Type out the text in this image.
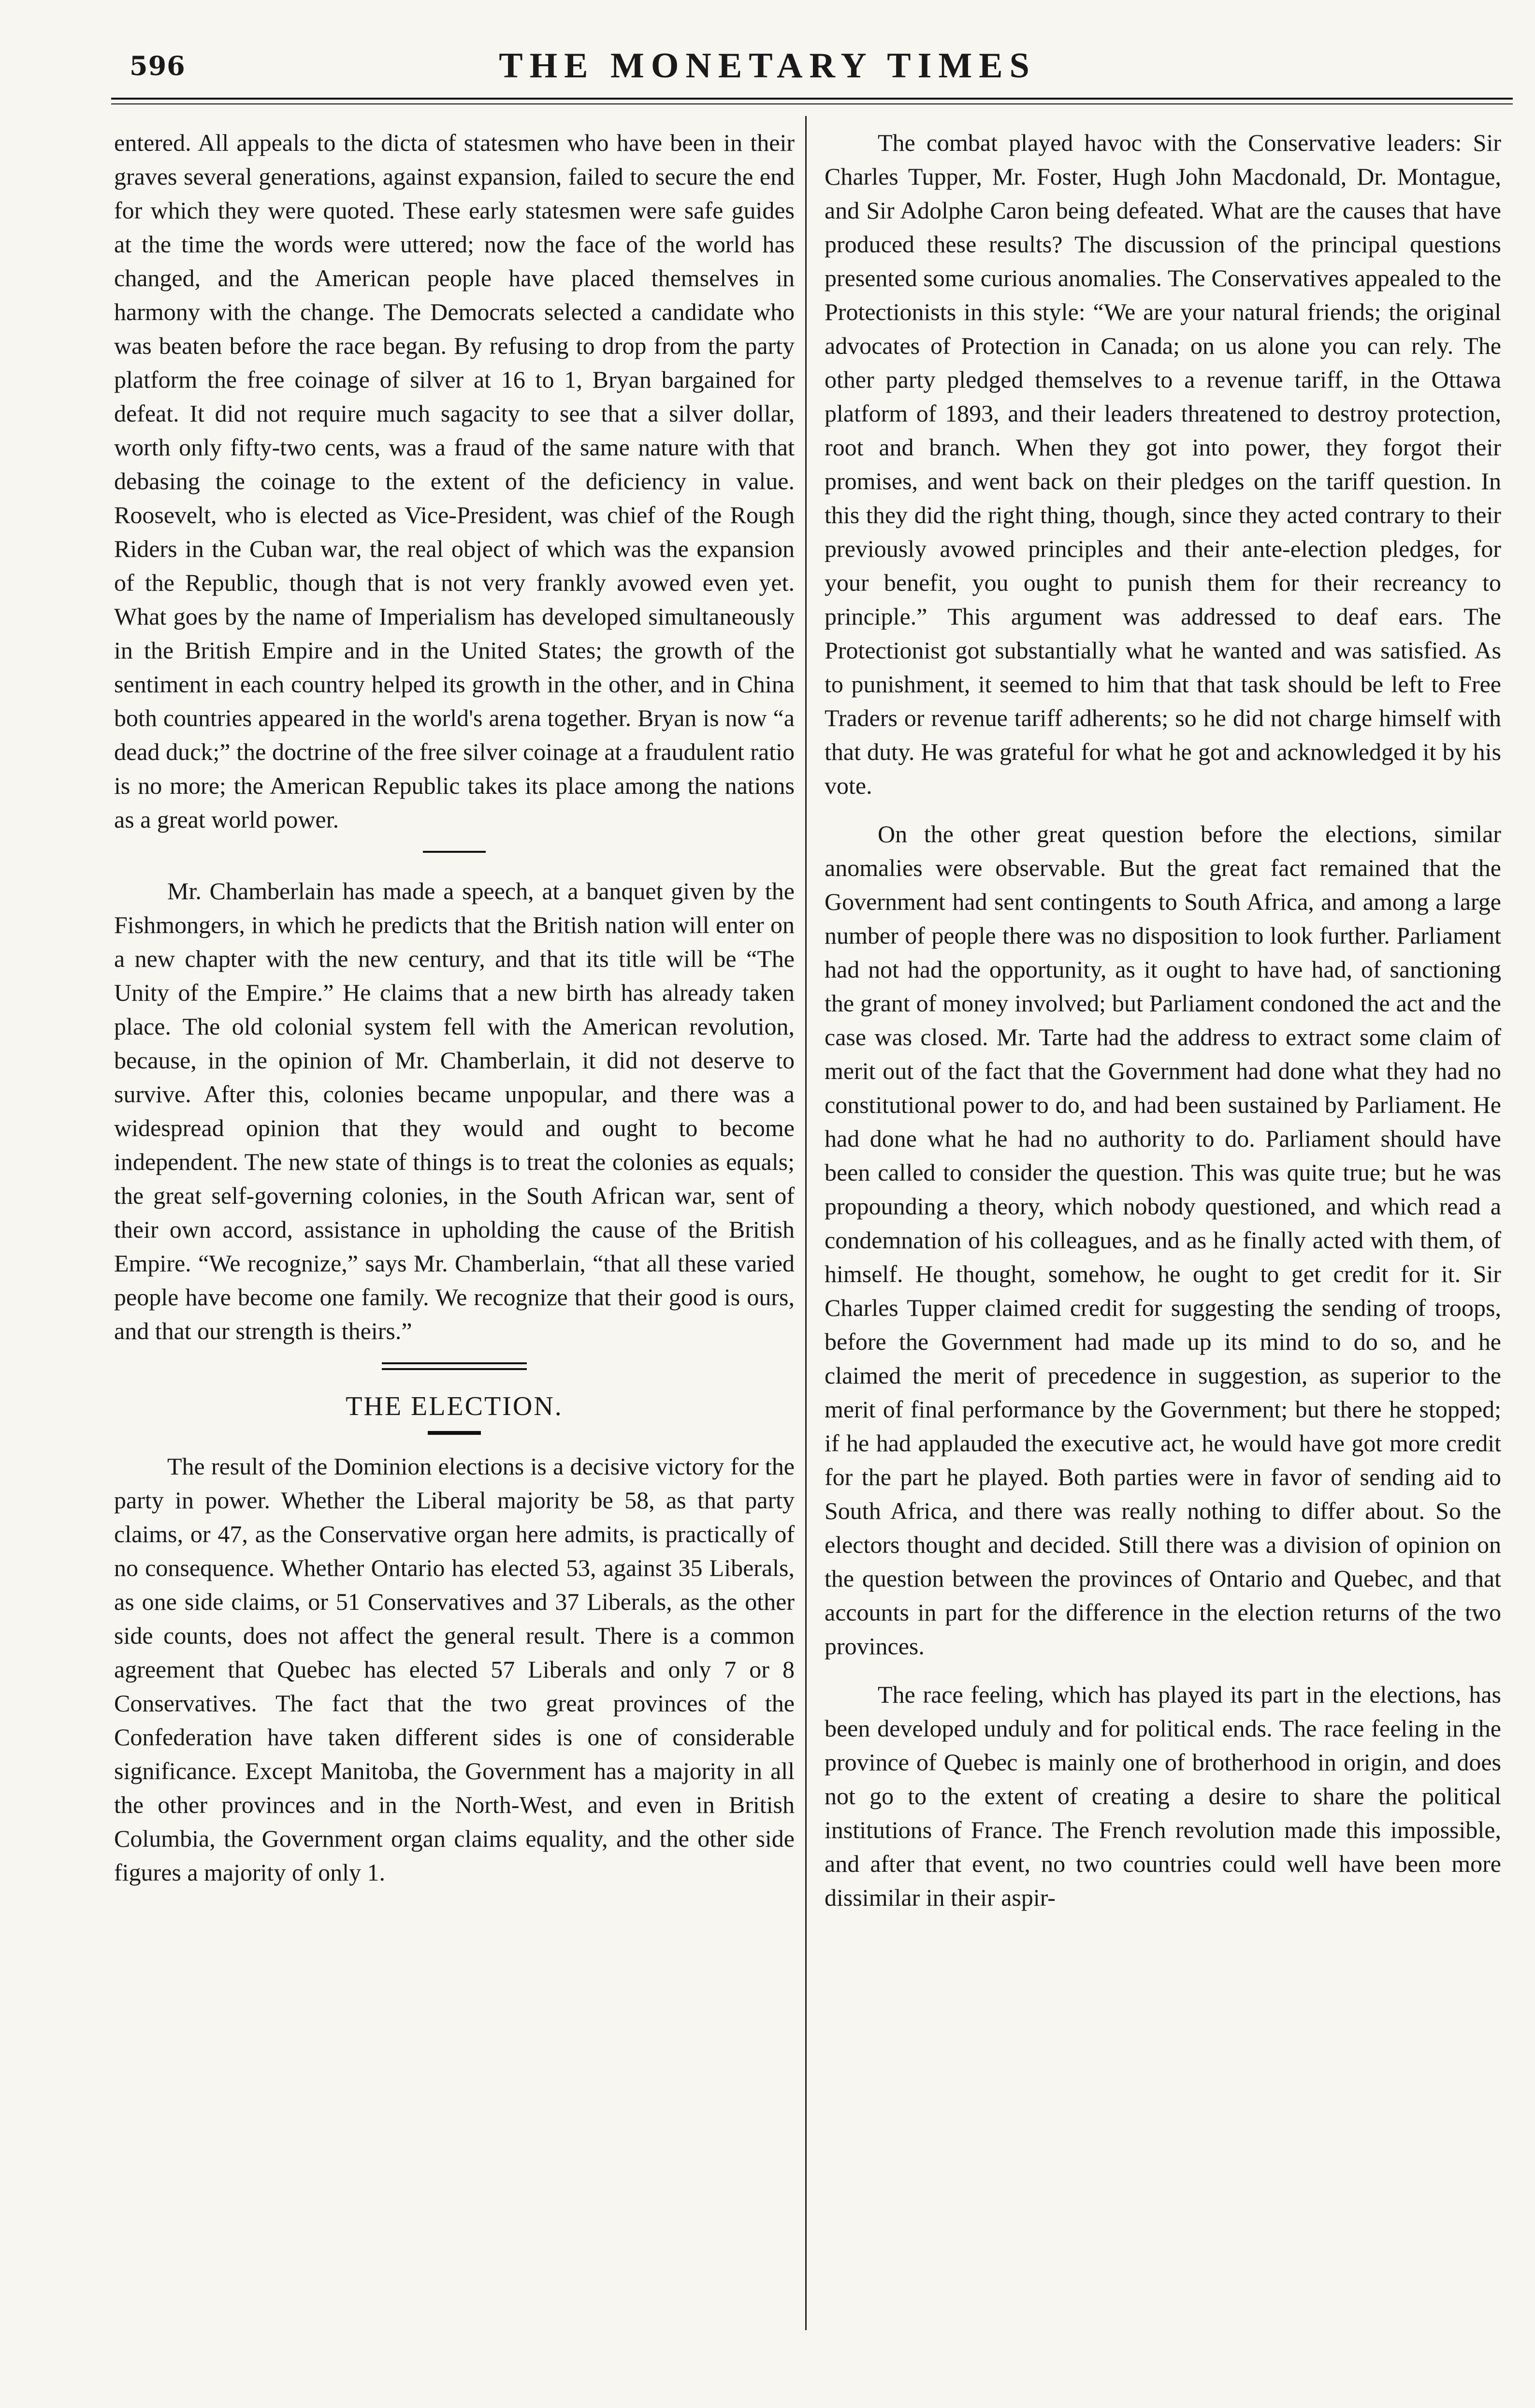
596	THE MONETARY TIMES

entered. All appeals to the dicta of statesmen who have been in their graves several generations, against expansion, failed to secure the end for which they were quoted. These early statesmen were safe guides at the time the words were uttered; now the face of the world has changed, and the American people have placed themselves in harmony with the change. The Democrats selected a candidate who was beaten before the race began. By refusing to drop from the party platform the free coinage of silver at 16 to 1, Bryan bargained for defeat. It did not require much sagacity to see that a silver dollar, worth only fifty-two cents, was a fraud of the same nature with that debasing the coinage to the extent of the deficiency in value. Roosevelt, who is elected as Vice-President, was chief of the Rough Riders in the Cuban war, the real object of which was the expansion of the Republic, though that is not very frankly avowed even yet. What goes by the name of Imperialism has developed simultaneously in the British Empire and in the United States; the growth of the sentiment in each country helped its growth in the other, and in China both countries appeared in the world's arena together. Bryan is now “a dead duck;” the doctrine of the free silver coinage at a fraudulent ratio is no more; the American Republic takes its place among the nations as a great world power.

Mr. Chamberlain has made a speech, at a banquet given by the Fishmongers, in which he predicts that the British nation will enter on a new chapter with the new century, and that its title will be “The Unity of the Empire.” He claims that a new birth has already taken place. The old colonial system fell with the American revolution, because, in the opinion of Mr. Chamberlain, it did not deserve to survive. After this, colonies became unpopular, and there was a widespread opinion that they would and ought to become independent. The new state of things is to treat the colonies as equals; the great self-governing colonies, in the South African war, sent of their own accord, assistance in upholding the cause of the British Empire. “We recognize,” says Mr. Chamberlain, “that all these varied people have become one family. We recognize that their good is ours, and that our strength is theirs.”

THE ELECTION.

The result of the Dominion elections is a decisive victory for the party in power. Whether the Liberal majority be 58, as that party claims, or 47, as the Conservative organ here admits, is practically of no consequence. Whether Ontario has elected 53, against 35 Liberals, as one side claims, or 51 Conservatives and 37 Liberals, as the other side counts, does not affect the general result. There is a common agreement that Quebec has elected 57 Liberals and only 7 or 8 Conservatives. The fact that the two great provinces of the Confederation have taken different sides is one of considerable significance. Except Manitoba, the Government has a majority in all the other provinces and in the North-West, and even in British Columbia, the Government organ claims equality, and the other side figures a majority of only 1.

The combat played havoc with the Conservative leaders: Sir Charles Tupper, Mr. Foster, Hugh John Macdonald, Dr. Montague, and Sir Adolphe Caron being defeated. What are the causes that have produced these results? The discussion of the principal questions presented some curious anomalies. The Conservatives appealed to the Protectionists in this style: “We are your natural friends; the original advocates of Protection in Canada; on us alone you can rely. The other party pledged themselves to a revenue tariff, in the Ottawa platform of 1893, and their leaders threatened to destroy protection, root and branch. When they got into power, they forgot their promises, and went back on their pledges on the tariff question. In this they did the right thing, though, since they acted contrary to their previously avowed principles and their ante-election pledges, for your benefit, you ought to punish them for their recreancy to principle.” This argument was addressed to deaf ears. The Protectionist got substantially what he wanted and was satisfied. As to punishment, it seemed to him that that task should be left to Free Traders or revenue tariff adherents; so he did not charge himself with that duty. He was grateful for what he got and acknowledged it by his vote.

On the other great question before the elections, similar anomalies were observable. But the great fact remained that the Government had sent contingents to South Africa, and among a large number of people there was no disposition to look further. Parliament had not had the opportunity, as it ought to have had, of sanctioning the grant of money involved; but Parliament condoned the act and the case was closed. Mr. Tarte had the address to extract some claim of merit out of the fact that the Government had done what they had no constitutional power to do, and had been sustained by Parliament. He had done what he had no authority to do. Parliament should have been called to consider the question. This was quite true; but he was propounding a theory, which nobody questioned, and which read a condemnation of his colleagues, and as he finally acted with them, of himself. He thought, somehow, he ought to get credit for it. Sir Charles Tupper claimed credit for suggesting the sending of troops, before the Government had made up its mind to do so, and he claimed the merit of precedence in suggestion, as superior to the merit of final performance by the Government; but there he stopped; if he had applauded the executive act, he would have got more credit for the part he played. Both parties were in favor of sending aid to South Africa, and there was really nothing to differ about. So the electors thought and decided. Still there was a division of opinion on the question between the provinces of Ontario and Quebec, and that accounts in part for the difference in the election returns of the two provinces.

The race feeling, which has played its part in the elections, has been developed unduly and for political ends. The race feeling in the province of Quebec is mainly one of brotherhood in origin, and does not go to the extent of creating a desire to share the political institutions of France. The French revolution made this impossible, and after that event, no two countries could well have been more dissimilar in their aspir-
